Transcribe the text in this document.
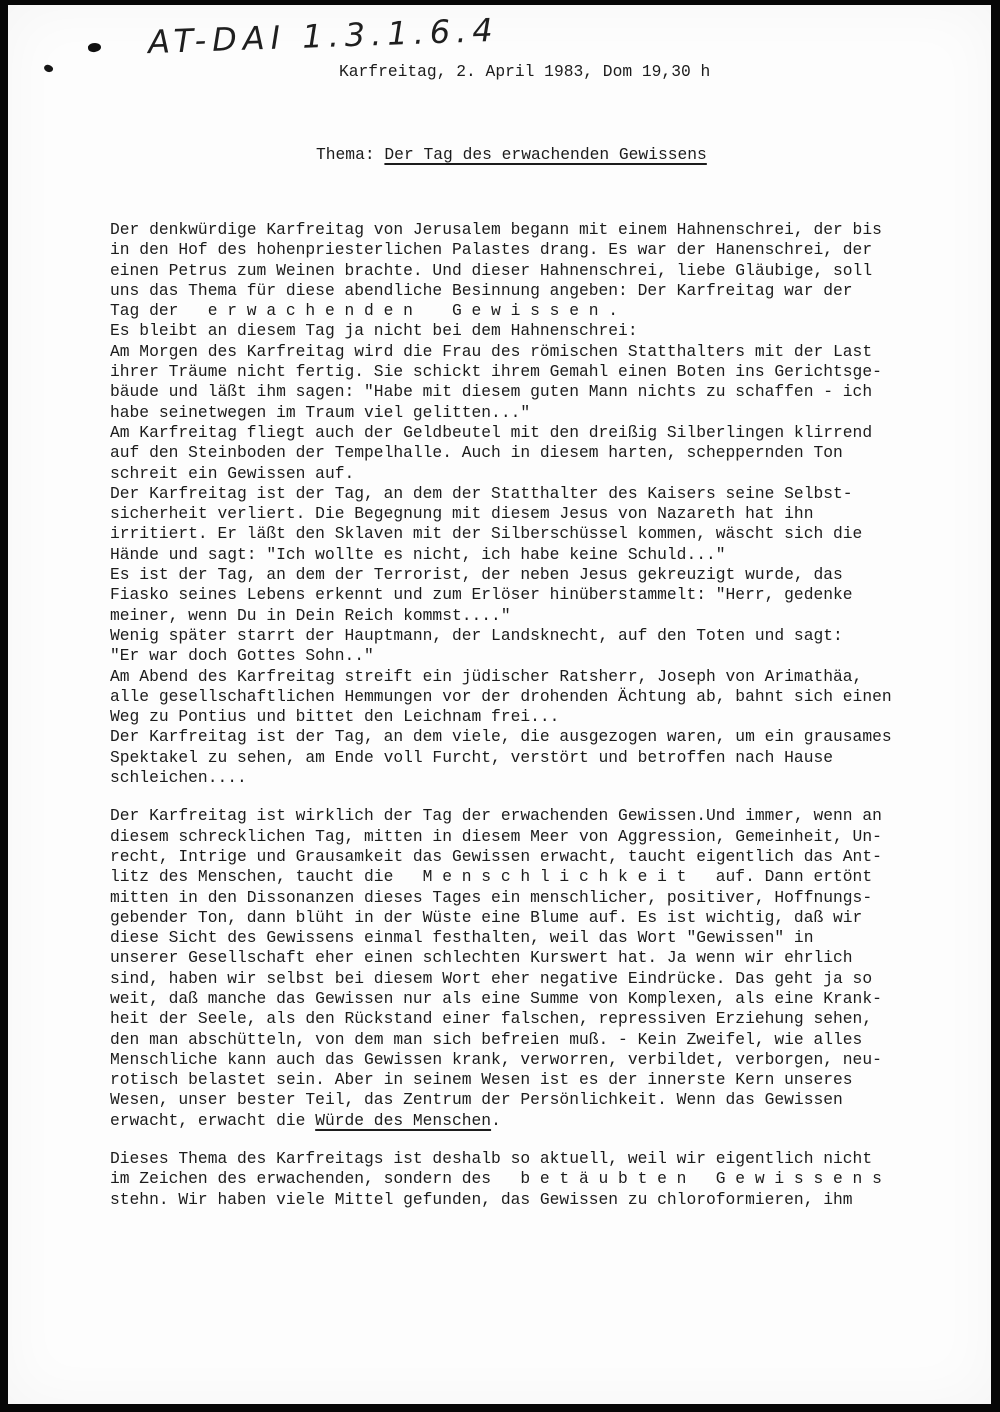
AT-DAI 1.3.1.6.4
Karfreitag, 2. April 1983, Dom 19,30 h
Thema: Der Tag des erwachenden Gewissens
Der denkwürdige Karfreitag von Jerusalem begann mit einem Hahnenschrei, der bis
in den Hof des hohenpriesterlichen Palastes drang. Es war der Hanenschrei, der
einen Petrus zum Weinen brachte. Und dieser Hahnenschrei, liebe Gläubige, soll
uns das Thema für diese abendliche Besinnung angeben: Der Karfreitag war der
Tag der   e r w a c h e n d e n    G e w i s s e n .
Es bleibt an diesem Tag ja nicht bei dem Hahnenschrei:
Am Morgen des Karfreitag wird die Frau des römischen Statthalters mit der Last
ihrer Träume nicht fertig. Sie schickt ihrem Gemahl einen Boten ins Gerichtsge-
bäude und läßt ihm sagen: "Habe mit diesem guten Mann nichts zu schaffen - ich
habe seinetwegen im Traum viel gelitten..."
Am Karfreitag fliegt auch der Geldbeutel mit den dreißig Silberlingen klirrend
auf den Steinboden der Tempelhalle. Auch in diesem harten, scheppernden Ton
schreit ein Gewissen auf.
Der Karfreitag ist der Tag, an dem der Statthalter des Kaisers seine Selbst-
sicherheit verliert. Die Begegnung mit diesem Jesus von Nazareth hat ihn
irritiert. Er läßt den Sklaven mit der Silberschüssel kommen, wäscht sich die
Hände und sagt: "Ich wollte es nicht, ich habe keine Schuld..."
Es ist der Tag, an dem der Terrorist, der neben Jesus gekreuzigt wurde, das
Fiasko seines Lebens erkennt und zum Erlöser hinüberstammelt: "Herr, gedenke
meiner, wenn Du in Dein Reich kommst...."
Wenig später starrt der Hauptmann, der Landsknecht, auf den Toten und sagt:
"Er war doch Gottes Sohn.."
Am Abend des Karfreitag streift ein jüdischer Ratsherr, Joseph von Arimathäa,
alle gesellschaftlichen Hemmungen vor der drohenden Ächtung ab, bahnt sich einen
Weg zu Pontius und bittet den Leichnam frei...
Der Karfreitag ist der Tag, an dem viele, die ausgezogen waren, um ein grausames
Spektakel zu sehen, am Ende voll Furcht, verstört und betroffen nach Hause
schleichen....
Der Karfreitag ist wirklich der Tag der erwachenden Gewissen.Und immer, wenn an
diesem schrecklichen Tag, mitten in diesem Meer von Aggression, Gemeinheit, Un-
recht, Intrige und Grausamkeit das Gewissen erwacht, taucht eigentlich das Ant-
litz des Menschen, taucht die   M e n s c h l i c h k e i t   auf. Dann ertönt
mitten in den Dissonanzen dieses Tages ein menschlicher, positiver, Hoffnungs-
gebender Ton, dann blüht in der Wüste eine Blume auf. Es ist wichtig, daß wir
diese Sicht des Gewissens einmal festhalten, weil das Wort "Gewissen" in
unserer Gesellschaft eher einen schlechten Kurswert hat. Ja wenn wir ehrlich
sind, haben wir selbst bei diesem Wort eher negative Eindrücke. Das geht ja so
weit, daß manche das Gewissen nur als eine Summe von Komplexen, als eine Krank-
heit der Seele, als den Rückstand einer falschen, repressiven Erziehung sehen,
den man abschütteln, von dem man sich befreien muß. - Kein Zweifel, wie alles
Menschliche kann auch das Gewissen krank, verworren, verbildet, verborgen, neu-
rotisch belastet sein. Aber in seinem Wesen ist es der innerste Kern unseres
Wesen, unser bester Teil, das Zentrum der Persönlichkeit. Wenn das Gewissen
erwacht, erwacht die Würde des Menschen.
Dieses Thema des Karfreitags ist deshalb so aktuell, weil wir eigentlich nicht
im Zeichen des erwachenden, sondern des   b e t ä u b t e n   G e w i s s e n s
stehn. Wir haben viele Mittel gefunden, das Gewissen zu chloroformieren, ihm
